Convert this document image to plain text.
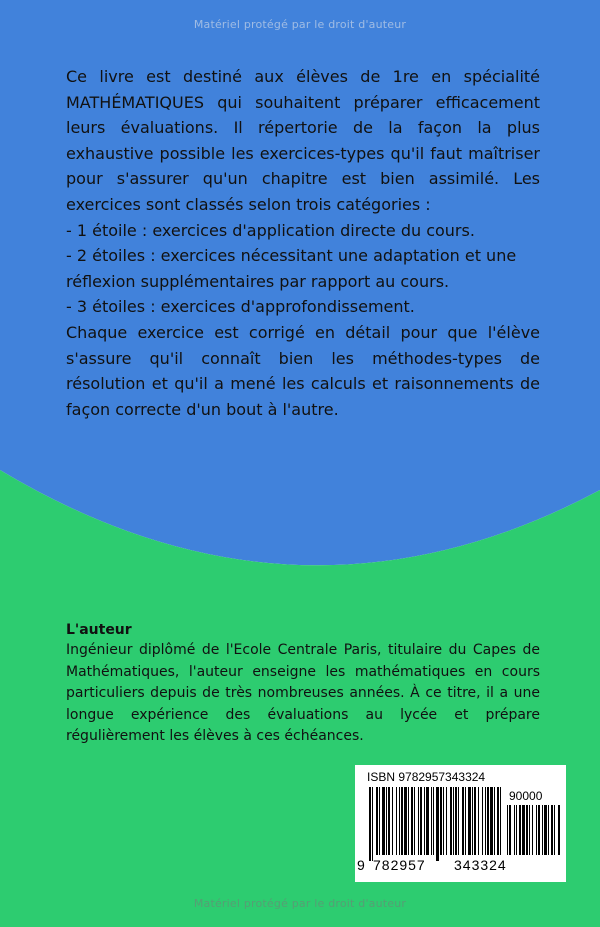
Matériel protégé par le droit d'auteur

Ce livre est destiné aux élèves de 1re en spécialité MATHÉMATIQUES qui souhaitent préparer efficacement leurs évaluations. Il répertorie de la façon la plus exhaustive possible les exercices-types qu'il faut maîtriser pour s'assurer qu'un chapitre est bien assimilé. Les exercices sont classés selon trois catégories :

- 1 étoile : exercices d'application directe du cours.

- 2 étoiles : exercices nécessitant une adaptation et une réflexion supplémentaires par rapport au cours.

- 3 étoiles : exercices d'approfondissement.

Chaque exercice est corrigé en détail pour que l'élève s'assure qu'il connaît bien les méthodes-types de résolution et qu'il a mené les calculs et raisonnements de façon correcte d'un bout à l'autre.

L'auteur

Ingénieur diplômé de l'Ecole Centrale Paris, titulaire du Capes de Mathématiques, l'auteur enseigne les mathématiques en cours particuliers depuis de très nombreuses années. À ce titre, il a une longue expérience des évaluations au lycée et prépare régulièrement les élèves à ces échéances.

ISBN 9782957343324
90000
9 782957 343324
Matériel protégé par le droit d'auteur
